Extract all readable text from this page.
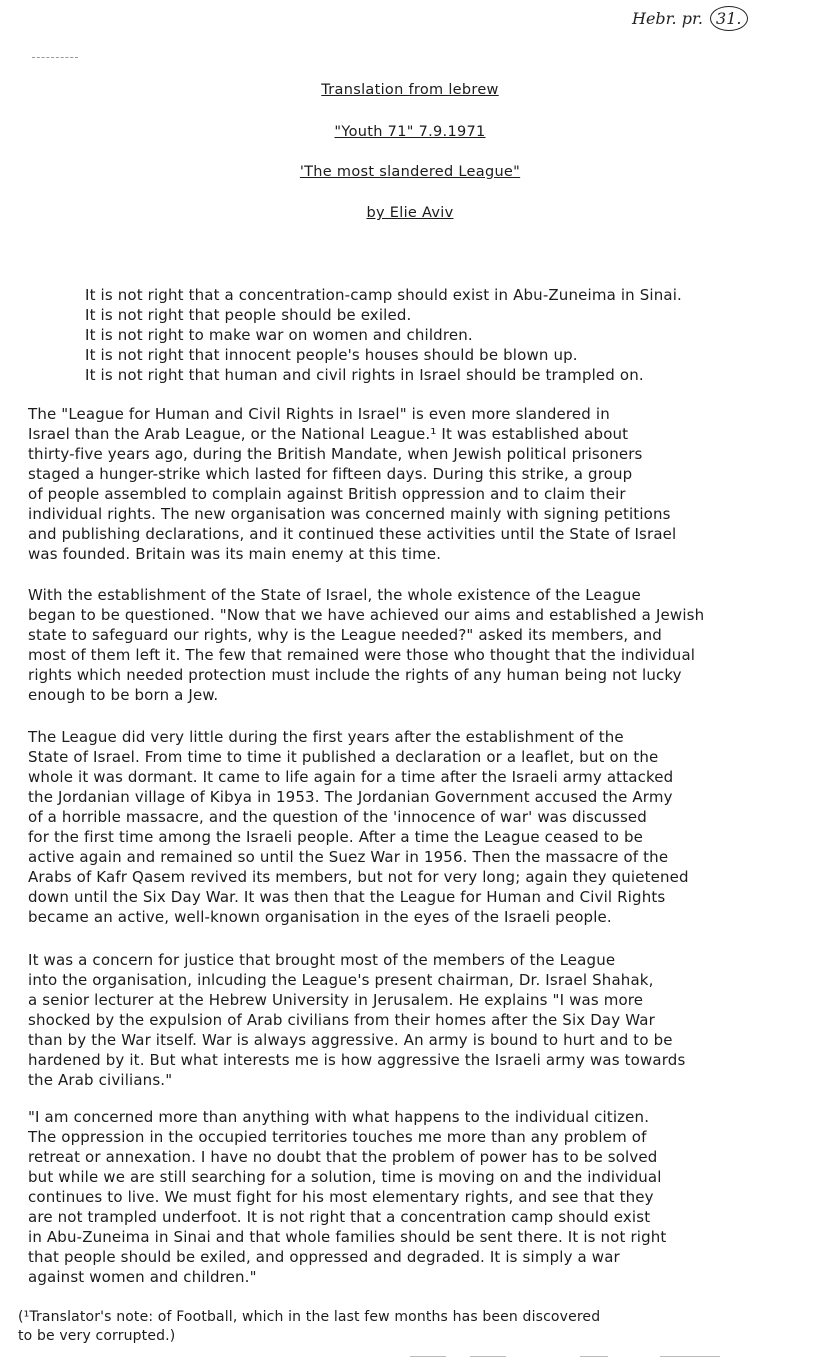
Hebr. pr. 31.
Translation from lebrew
"Youth 71" 7.9.1971
'The most slandered League"
by Elie Aviv
It is not right that a concentration-camp should exist in Abu-Zuneima in Sinai.
It is not right that people should be exiled.
It is not right to make war on women and children.
It is not right that innocent people's houses should be blown up.
It is not right that human and civil rights in Israel should be trampled on.
The "League for Human and Civil Rights in Israel" is even more slandered in
Israel than the Arab League, or the National League.¹ It was established about
thirty-five years ago, during the British Mandate, when Jewish political prisoners
staged a hunger-strike which lasted for fifteen days. During this strike, a group
of people assembled to complain against British oppression and to claim their
individual rights. The new organisation was concerned mainly with signing petitions
and publishing declarations, and it continued these activities until the State of Israel
was founded. Britain was its main enemy at this time.
With the establishment of the State of Israel, the whole existence of the League
began to be questioned. "Now that we have achieved our aims and established a Jewish
state to safeguard our rights, why is the League needed?" asked its members, and
most of them left it. The few that remained were those who thought that the individual
rights which needed protection must include the rights of any human being not lucky
enough to be born a Jew.
The League did very little during the first years after the establishment of the
State of Israel. From time to time it published a declaration or a leaflet, but on the
whole it was dormant. It came to life again for a time after the Israeli army attacked
the Jordanian village of Kibya in 1953. The Jordanian Government accused the Army
of a horrible massacre, and the question of the 'innocence of war' was discussed
for the first time among the Israeli people. After a time the League ceased to be
active again and remained so until the Suez War in 1956. Then the massacre of the
Arabs of Kafr Qasem revived its members, but not for very long; again they quietened
down until the Six Day War. It was then that the League for Human and Civil Rights
became an active, well-known organisation in the eyes of the Israeli people.
It was a concern for justice that brought most of the members of the League
into the organisation, inlcuding the League's present chairman, Dr. Israel Shahak,
a senior lecturer at the Hebrew University in Jerusalem. He explains "I was more
shocked by the expulsion of Arab civilians from their homes after the Six Day War
than by the War itself. War is always aggressive. An army is bound to hurt and to be
hardened by it. But what interests me is how aggressive the Israeli army was towards
the Arab civilians."
"I am concerned more than anything with what happens to the individual citizen.
The oppression in the occupied territories touches me more than any problem of
retreat or annexation. I have no doubt that the problem of power has to be solved
but while we are still searching for a solution, time is moving on and the individual
continues to live. We must fight for his most elementary rights, and see that they
are not trampled underfoot. It is not right that a concentration camp should exist
in Abu-Zuneima in Sinai and that whole families should be sent there. It is not right
that people should be exiled, and oppressed and degraded. It is simply a war
against women and children."
(¹Translator's note: of Football, which in the last few months has been discovered
to be very corrupted.)
